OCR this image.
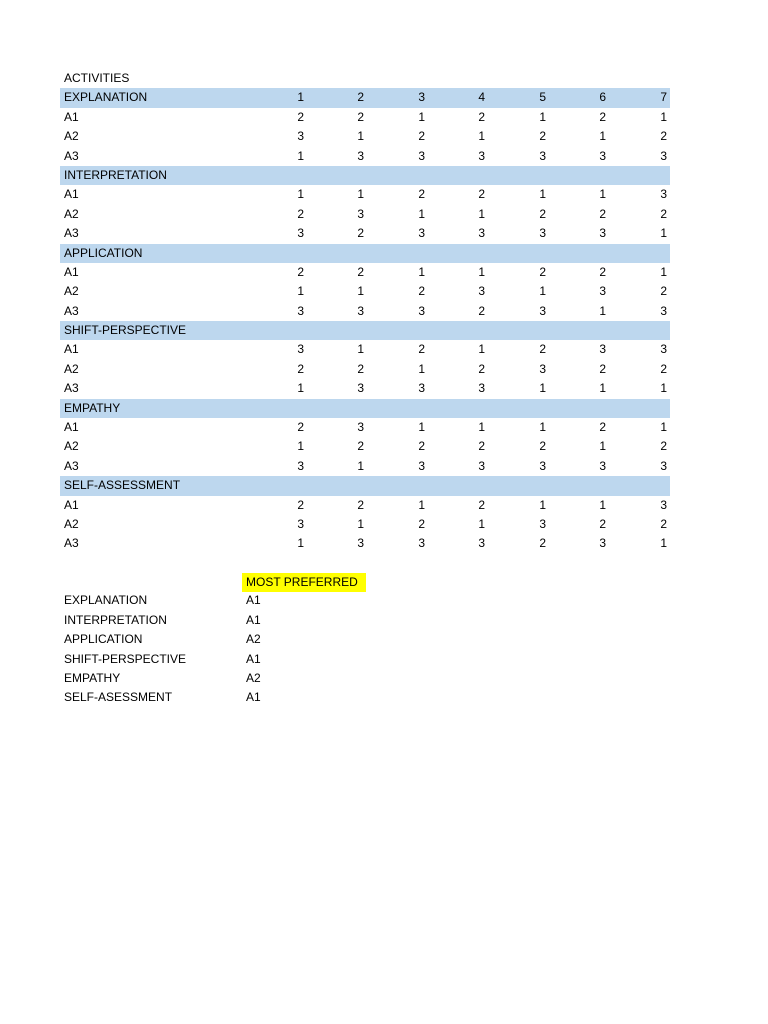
ACTIVITIES
EXPLANATION	1	2	3	4	5	6	7
A1	2	2	1	2	1	2	1
A2	3	1	2	1	2	1	2
A3	1	3	3	3	3	3	3
INTERPRETATION
A1	1	1	2	2	1	1	3
A2	2	3	1	1	2	2	2
A3	3	2	3	3	3	3	1
APPLICATION
A1	2	2	1	1	2	2	1
A2	1	1	2	3	1	3	2
A3	3	3	3	2	3	1	3
SHIFT-PERSPECTIVE
A1	3	1	2	1	2	3	3
A2	2	2	1	2	3	2	2
A3	1	3	3	3	1	1	1
EMPATHY
A1	2	3	1	1	1	2	1
A2	1	2	2	2	2	1	2
A3	3	1	3	3	3	3	3
SELF-ASSESSMENT
A1	2	2	1	2	1	1	3
A2	3	1	2	1	3	2	2
A3	1	3	3	3	2	3	1
MOST PREFERRED
EXPLANATION	A1
INTERPRETATION	A1
APPLICATION	A2
SHIFT-PERSPECTIVE	A1
EMPATHY	A2
SELF-ASESSMENT	A1
